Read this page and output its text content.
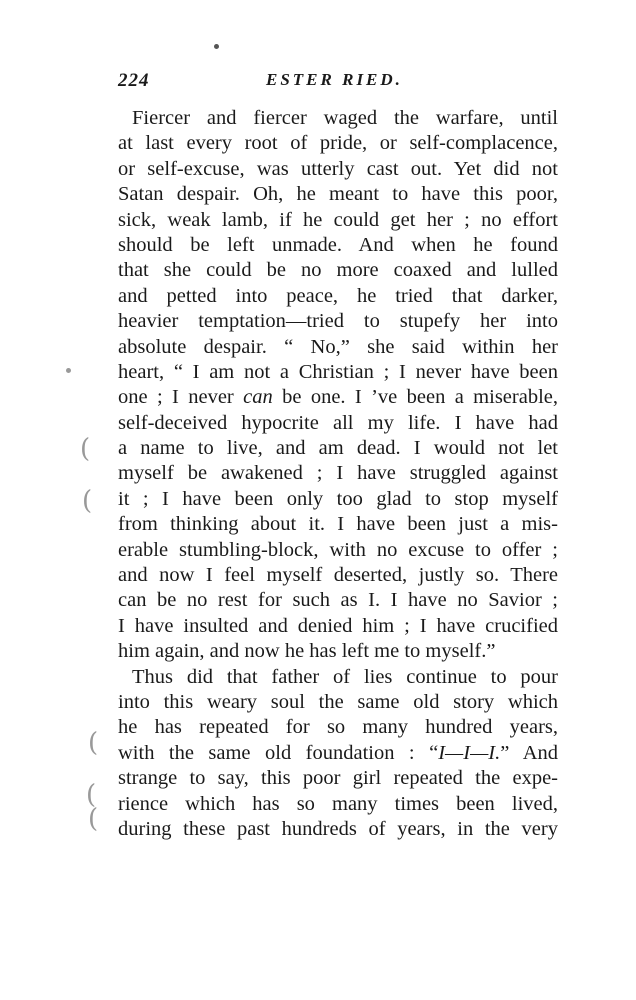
224	ESTER RIED.
Fiercer and fiercer waged the warfare, until
at last every root of pride, or self-complacence,
or self-excuse, was utterly cast out. Yet did not
Satan despair. Oh, he meant to have this poor,
sick, weak lamb, if he could get her ; no effort
should be left unmade. And when he found
that she could be no more coaxed and lulled
and petted into peace, he tried that darker,
heavier temptation—tried to stupefy her into
absolute despair. “ No,” she said within her
heart, “ I am not a Christian ; I never have been
one ; I never can be one. I ’ve been a miserable,
self-deceived hypocrite all my life. I have had
a name to live, and am dead. I would not let
myself be awakened ; I have struggled against
it ; I have been only too glad to stop myself
from thinking about it. I have been just a mis-
erable stumbling-block, with no excuse to offer ;
and now I feel myself deserted, justly so. There
can be no rest for such as I. I have no Savior ;
I have insulted and denied him ; I have crucified
him again, and now he has left me to myself.”
Thus did that father of lies continue to pour
into this weary soul the same old story which
he has repeated for so many hundred years,
with the same old foundation : “I—I—I.” And
strange to say, this poor girl repeated the expe-
rience which has so many times been lived,
during these past hundreds of years, in the very
(
(
(
(
(
